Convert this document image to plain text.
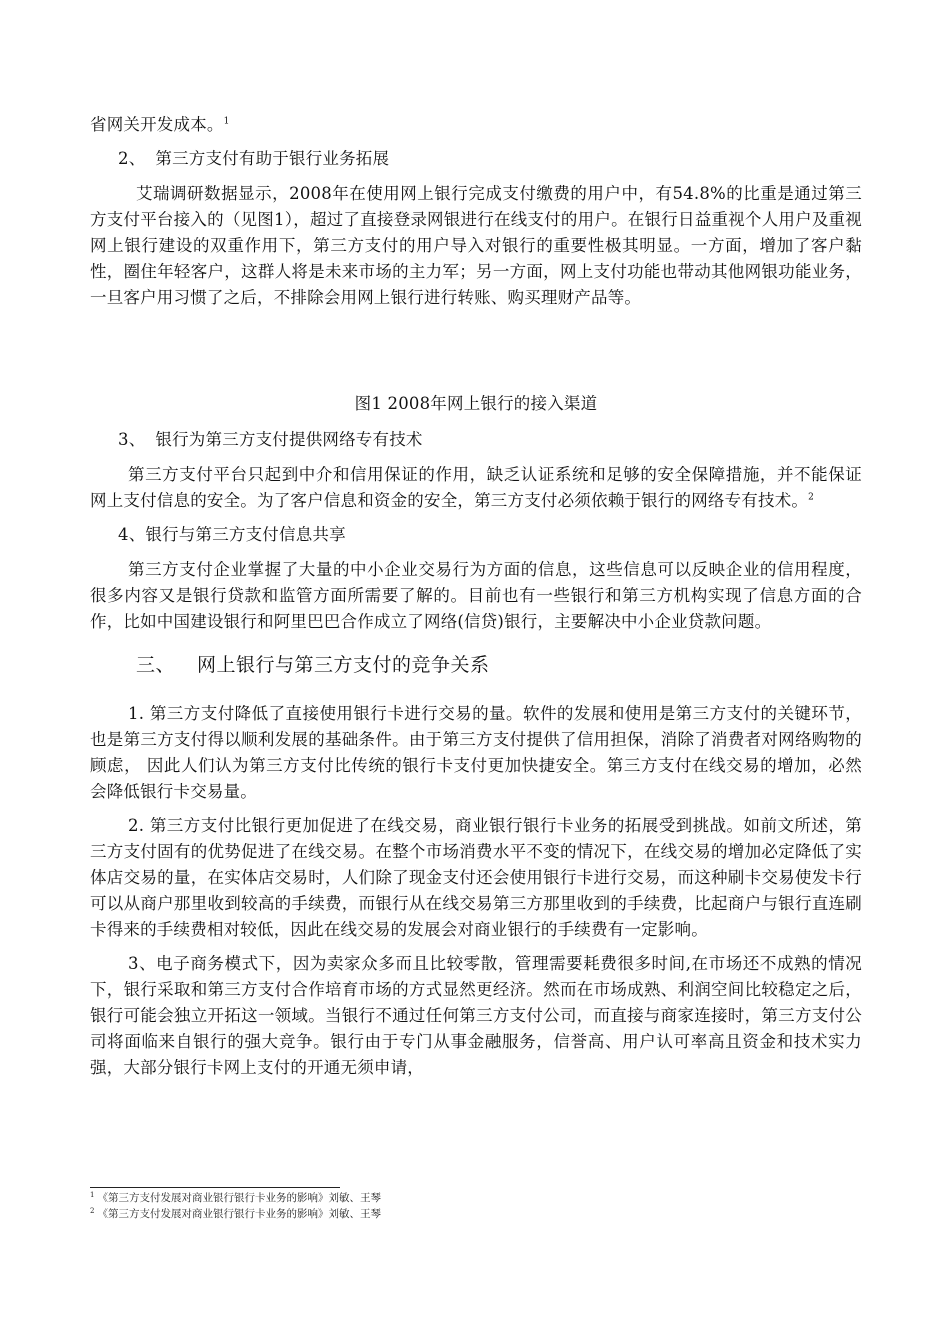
省网关开发成本。$^1$

2、 第三方支付有助于银行业务拓展

艾瑞调研数据显示，2008年在使用网上银行完成支付缴费的用户中，有54.8%的比重是通过第三方支付平台接入的（见图1），超过了直接登录网银进行在线支付的用户。在银行日益重视个人用户及重视网上银行建设的双重作用下，第三方支付的用户导入对银行的重要性极其明显。一方面，增加了客户黏性，圈住年轻客户，这群人将是未来市场的主力军；另一方面，网上支付功能也带动其他网银功能业务，一旦客户用习惯了之后，不排除会用网上银行进行转账、购买理财产品等。

图1 2008年网上银行的接入渠道

3、 银行为第三方支付提供网络专有技术

第三方支付平台只起到中介和信用保证的作用，缺乏认证系统和足够的安全保障措施，并不能保证网上支付信息的安全。为了客户信息和资金的安全，第三方支付必须依赖于银行的网络专有技术。$^2$

4、银行与第三方支付信息共享

第三方支付企业掌握了大量的中小企业交易行为方面的信息，这些信息可以反映企业的信用程度，很多内容又是银行贷款和监管方面所需要了解的。目前也有一些银行和第三方机构实现了信息方面的合作，比如中国建设银行和阿里巴巴合作成立了网络(信贷)银行，主要解决中小企业贷款问题。

三、 网上银行与第三方支付的竞争关系

1. 第三方支付降低了直接使用银行卡进行交易的量。软件的发展和使用是第三方支付的关键环节，也是第三方支付得以顺利发展的基础条件。由于第三方支付提供了信用担保，消除了消费者对网络购物的顾虑， 因此人们认为第三方支付比传统的银行卡支付更加快捷安全。第三方支付在线交易的增加，必然会降低银行卡交易量。

2. 第三方支付比银行更加促进了在线交易，商业银行银行卡业务的拓展受到挑战。如前文所述，第三方支付固有的优势促进了在线交易。在整个市场消费水平不变的情况下，在线交易的增加必定降低了实体店交易的量，在实体店交易时，人们除了现金支付还会使用银行卡进行交易，而这种刷卡交易使发卡行可以从商户那里收到较高的手续费，而银行从在线交易第三方那里收到的手续费，比起商户与银行直连刷卡得来的手续费相对较低，因此在线交易的发展会对商业银行的手续费有一定影响。

3、电子商务模式下，因为卖家众多而且比较零散，管理需要耗费很多时间,在市场还不成熟的情况下，银行采取和第三方支付合作培育市场的方式显然更经济。然而在市场成熟、利润空间比较稳定之后，银行可能会独立开拓这一领域。当银行不通过任何第三方支付公司，而直接与商家连接时，第三方支付公司将面临来自银行的强大竞争。银行由于专门从事金融服务，信誉高、用户认可率高且资金和技术实力强，大部分银行卡网上支付的开通无须申请，

$^1$ 《第三方支付发展对商业银行银行卡业务的影响》刘敏、王琴
$^2$ 《第三方支付发展对商业银行银行卡业务的影响》刘敏、王琴
